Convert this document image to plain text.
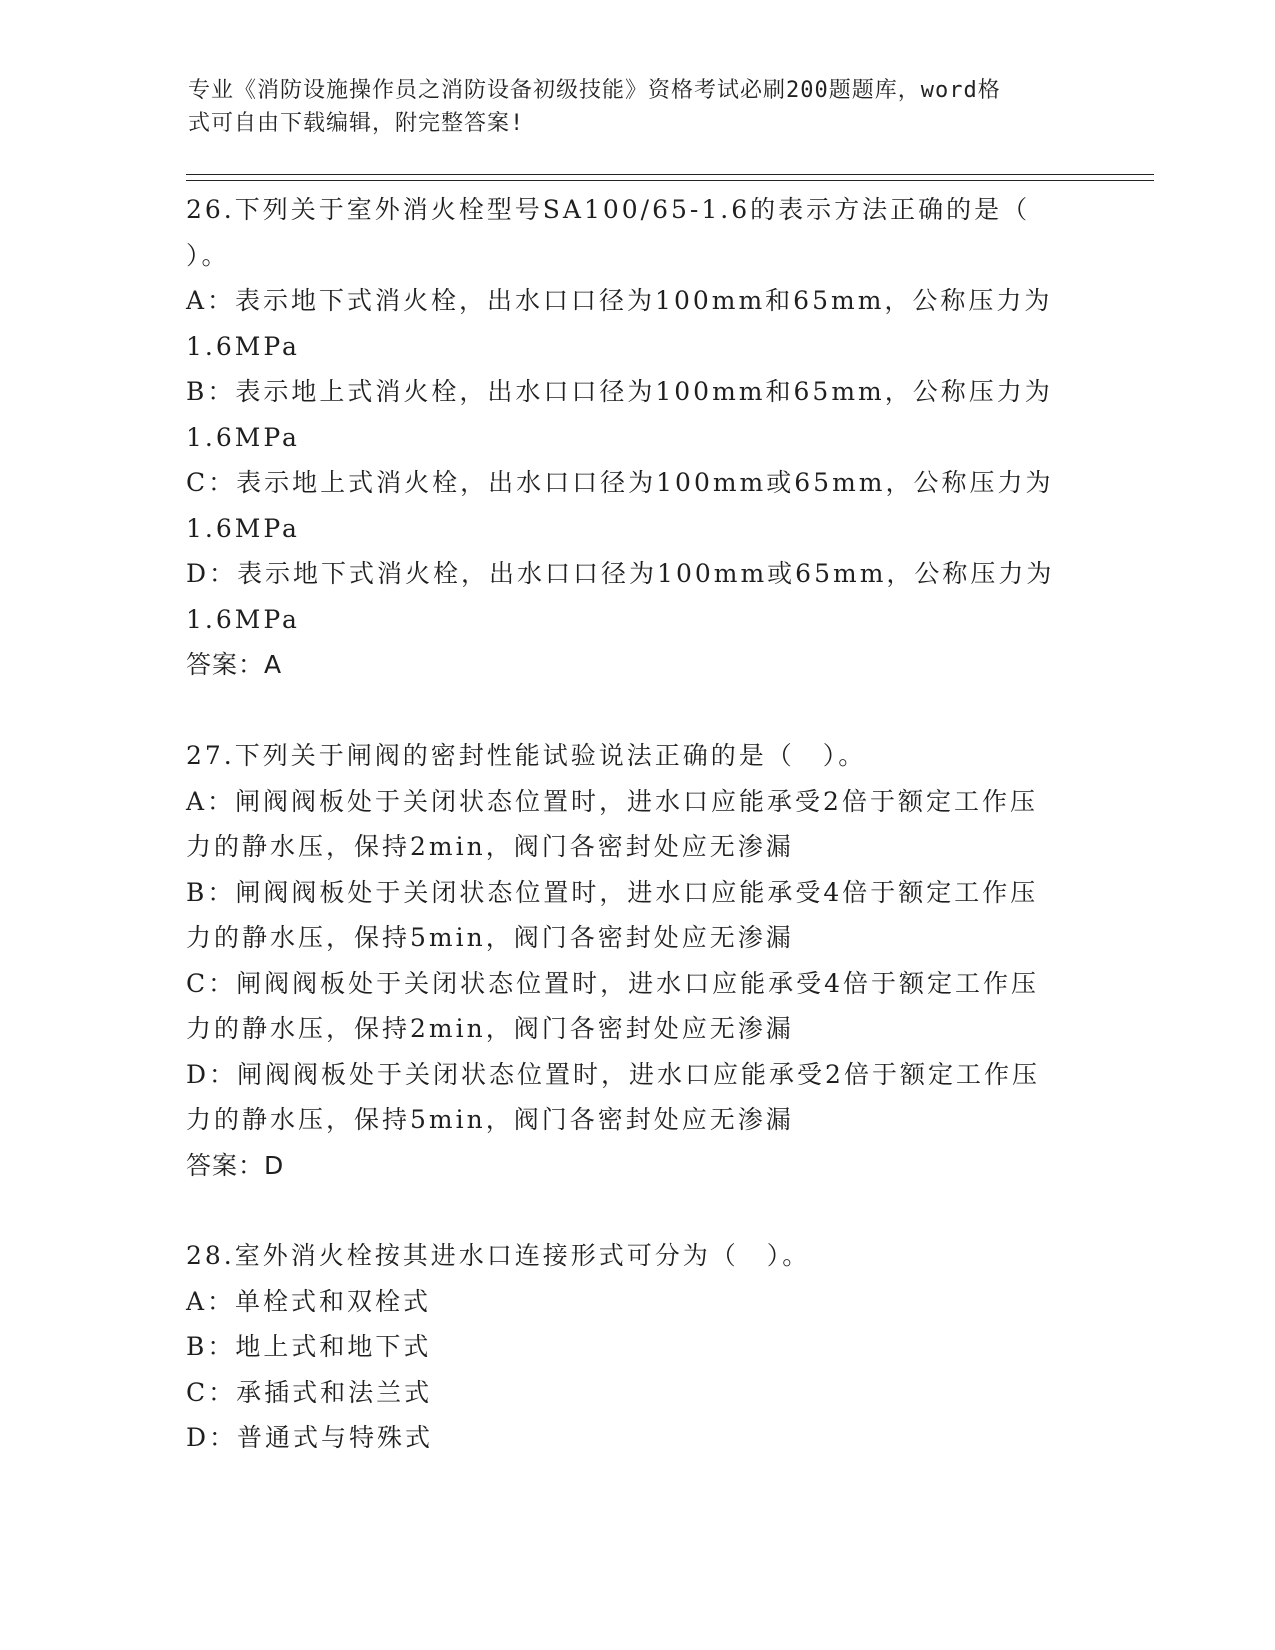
专业《消防设施操作员之消防设备初级技能》资格考试必刷200题题库，word格
式可自由下载编辑，附完整答案!
26.下列关于室外消火栓型号SA100/65-1.6的表示方法正确的是（
）。
A：表示地下式消火栓，出水口口径为100mm和65mm，公称压力为
1.6MPa
B：表示地上式消火栓，出水口口径为100mm和65mm，公称压力为
1.6MPa
C：表示地上式消火栓，出水口口径为100mm或65mm，公称压力为
1.6MPa
D：表示地下式消火栓，出水口口径为100mm或65mm，公称压力为
1.6MPa
答案：A
27.下列关于闸阀的密封性能试验说法正确的是（　）。
A：闸阀阀板处于关闭状态位置时，进水口应能承受2倍于额定工作压
力的静水压，保持2min，阀门各密封处应无渗漏
B：闸阀阀板处于关闭状态位置时，进水口应能承受4倍于额定工作压
力的静水压，保持5min，阀门各密封处应无渗漏
C：闸阀阀板处于关闭状态位置时，进水口应能承受4倍于额定工作压
力的静水压，保持2min，阀门各密封处应无渗漏
D：闸阀阀板处于关闭状态位置时，进水口应能承受2倍于额定工作压
力的静水压，保持5min，阀门各密封处应无渗漏
答案：D
28.室外消火栓按其进水口连接形式可分为（　）。
A：单栓式和双栓式
B：地上式和地下式
C：承插式和法兰式
D：普通式与特殊式
